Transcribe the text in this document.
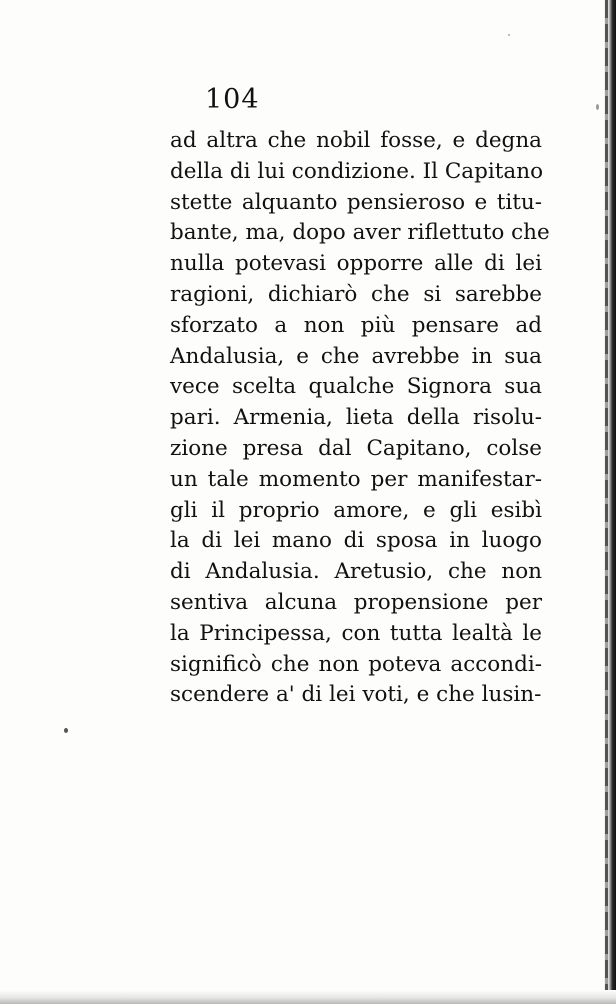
104
ad altra che nobil fosse, e degna
della di lui condizione. Il Capitano
stette alquanto pensieroso e titu-
bante, ma, dopo aver riflettuto che
nulla potevasi opporre alle di lei
ragioni, dichiarò che si sarebbe
sforzato a non più pensare ad
Andalusia, e che avrebbe in sua
vece scelta qualche Signora sua
pari. Armenia, lieta della risolu-
zione presa dal Capitano, colse
un tale momento per manifestar-
gli il proprio amore, e gli esibì
la di lei mano di sposa in luogo
di Andalusia. Aretusio, che non
sentiva alcuna propensione per
la Principessa, con tutta lealtà le
significò che non poteva accondi-
scendere a' di lei voti, e che lusin-
